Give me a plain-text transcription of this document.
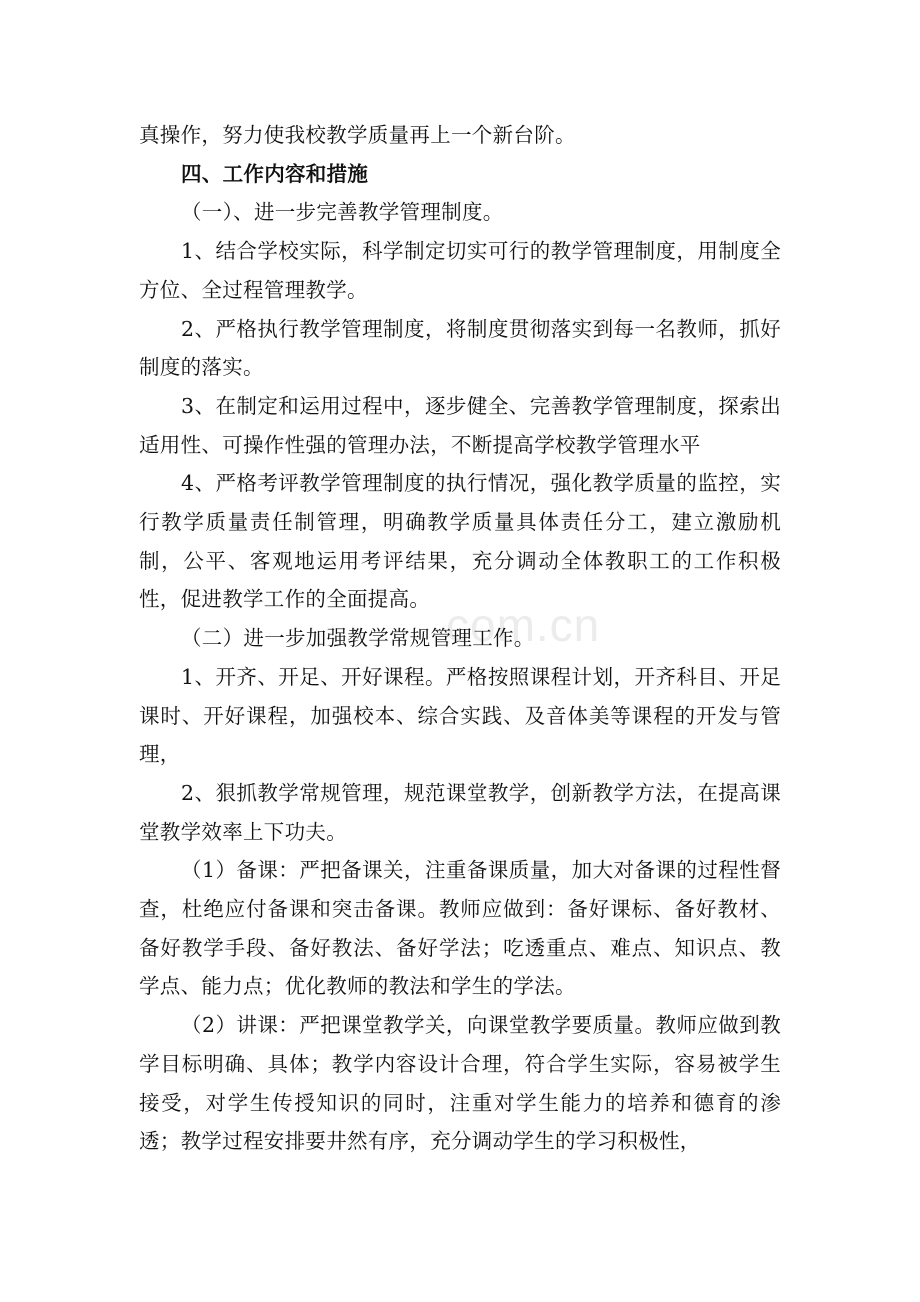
com.cn

真操作，努力使我校教学质量再上一个新台阶。

四、工作内容和措施

（一）、进一步完善教学管理制度。

1、结合学校实际，科学制定切实可行的教学管理制度，用制度全方位、全过程管理教学。

2、严格执行教学管理制度，将制度贯彻落实到每一名教师，抓好制度的落实。

3、在制定和运用过程中，逐步健全、完善教学管理制度，探索出适用性、可操作性强的管理办法，不断提高学校教学管理水平

4、严格考评教学管理制度的执行情况，强化教学质量的监控，实行教学质量责任制管理，明确教学质量具体责任分工，建立激励机制，公平、客观地运用考评结果，充分调动全体教职工的工作积极性，促进教学工作的全面提高。

（二）进一步加强教学常规管理工作。

1、开齐、开足、开好课程。严格按照课程计划，开齐科目、开足课时、开好课程，加强校本、综合实践、及音体美等课程的开发与管理，

2、狠抓教学常规管理，规范课堂教学，创新教学方法，在提高课堂教学效率上下功夫。

（1）备课：严把备课关，注重备课质量，加大对备课的过程性督查，杜绝应付备课和突击备课。教师应做到：备好课标、备好教材、备好教学手段、备好教法、备好学法；吃透重点、难点、知识点、教学点、能力点；优化教师的教法和学生的学法。

（2）讲课：严把课堂教学关，向课堂教学要质量。教师应做到教学目标明确、具体；教学内容设计合理，符合学生实际，容易被学生接受，对学生传授知识的同时，注重对学生能力的培养和德育的渗透；教学过程安排要井然有序，充分调动学生的学习积极性，
